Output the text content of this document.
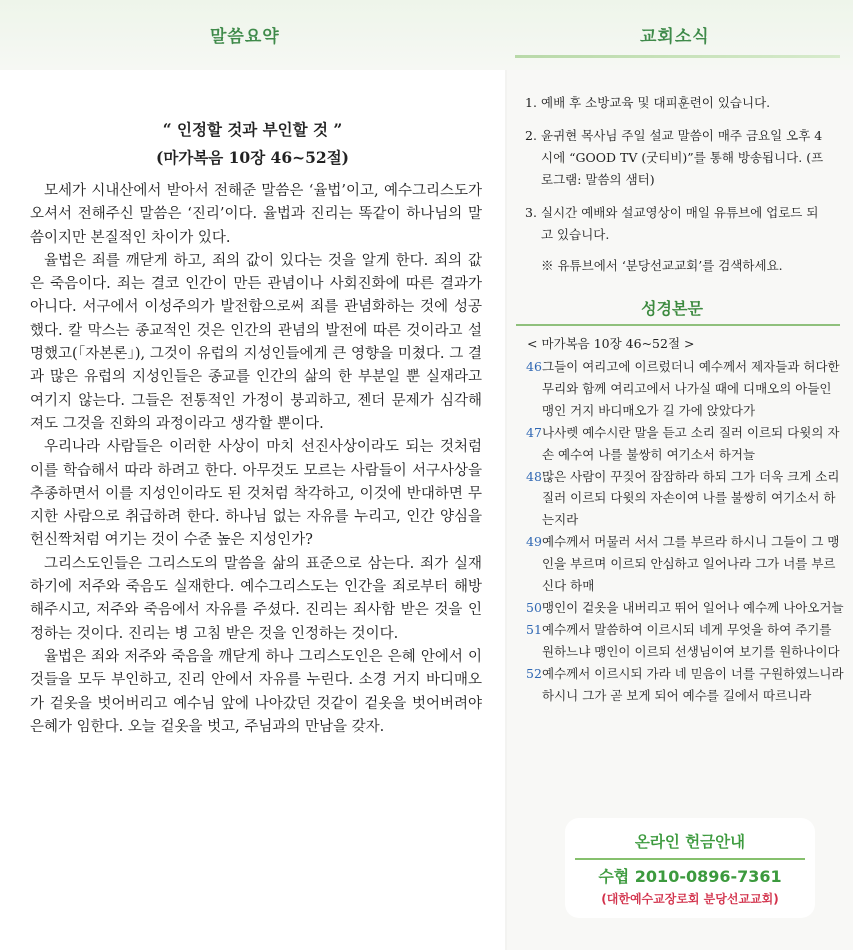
말씀요약	교회소식
“ 인정할 것과 부인할 것 ”
(마가복음 10장 46~52절)

모세가 시내산에서 받아서 전해준 말씀은 ‘율법’이고, 예수그리스도가 오셔서 전해주신 말씀은 ‘진리’이다. 율법과 진리는 똑같이 하나님의 말씀이지만 본질적인 차이가 있다.

율법은 죄를 깨닫게 하고, 죄의 값이 있다는 것을 알게 한다. 죄의 값은 죽음이다. 죄는 결코 인간이 만든 관념이나 사회진화에 따른 결과가 아니다. 서구에서 이성주의가 발전함으로써 죄를 관념화하는 것에 성공했다. 칼 막스는 종교적인 것은 인간의 관념의 발전에 따른 것이라고 설명했고(「자본론」), 그것이 유럽의 지성인들에게 큰 영향을 미쳤다. 그 결과 많은 유럽의 지성인들은 종교를 인간의 삶의 한 부분일 뿐 실재라고 여기지 않는다. 그들은 전통적인 가정이 붕괴하고, 젠더 문제가 심각해져도 그것을 진화의 과정이라고 생각할 뿐이다.

우리나라 사람들은 이러한 사상이 마치 선진사상이라도 되는 것처럼 이를 학습해서 따라 하려고 한다. 아무것도 모르는 사람들이 서구사상을 추종하면서 이를 지성인이라도 된 것처럼 착각하고, 이것에 반대하면 무지한 사람으로 취급하려 한다. 하나님 없는 자유를 누리고, 인간 양심을 헌신짝처럼 여기는 것이 수준 높은 지성인가?

그리스도인들은 그리스도의 말씀을 삶의 표준으로 삼는다. 죄가 실재하기에 저주와 죽음도 실재한다. 예수그리스도는 인간을 죄로부터 해방해주시고, 저주와 죽음에서 자유를 주셨다. 진리는 죄사함 받은 것을 인정하는 것이다. 진리는 병 고침 받은 것을 인정하는 것이다.

율법은 죄와 저주와 죽음을 깨닫게 하나 그리스도인은 은혜 안에서 이것들을 모두 부인하고, 진리 안에서 자유를 누린다. 소경 거지 바디매오가 겉옷을 벗어버리고 예수님 앞에 나아갔던 것같이 겉옷을 벗어버려야 은혜가 임한다. 오늘 겉옷을 벗고, 주님과의 만남을 갖자.

1. 예배 후 소방교육 및 대피훈련이 있습니다.
2. 윤귀현 목사님 주일 설교 말씀이 매주 금요일 오후 4시에 “GOOD TV (굿티비)”를 통해 방송됩니다. (프로그램: 말씀의 샘터)
3. 실시간 예배와 설교영상이 매일 유튜브에 업로드 되고 있습니다.
※ 유튜브에서 ‘분당선교교회’를 검색하세요.
성경본문
< 마가복음 10장 46~52절 >
46 그들이 여리고에 이르렀더니 예수께서 제자들과 허다한 무리와 함께 여리고에서 나가실 때에 디매오의 아들인 맹인 거지 바디매오가 길 가에 앉았다가
47 나사렛 예수시란 말을 듣고 소리 질러 이르되 다윗의 자손 예수여 나를 불쌍히 여기소서 하거늘
48 많은 사람이 꾸짖어 잠잠하라 하되 그가 더욱 크게 소리 질러 이르되 다윗의 자손이여 나를 불쌍히 여기소서 하는지라
49 예수께서 머물러 서서 그를 부르라 하시니 그들이 그 맹인을 부르며 이르되 안심하고 일어나라 그가 너를 부르신다 하매
50 맹인이 겉옷을 내버리고 뛰어 일어나 예수께 나아오거늘
51 예수께서 말씀하여 이르시되 네게 무엇을 하여 주기를 원하느냐 맹인이 이르되 선생님이여 보기를 원하나이다
52 예수께서 이르시되 가라 네 믿음이 너를 구원하였느니라 하시니 그가 곧 보게 되어 예수를 길에서 따르니라
온라인 헌금안내
수협 2010-0896-7361
(대한예수교장로회 분당선교교회)
